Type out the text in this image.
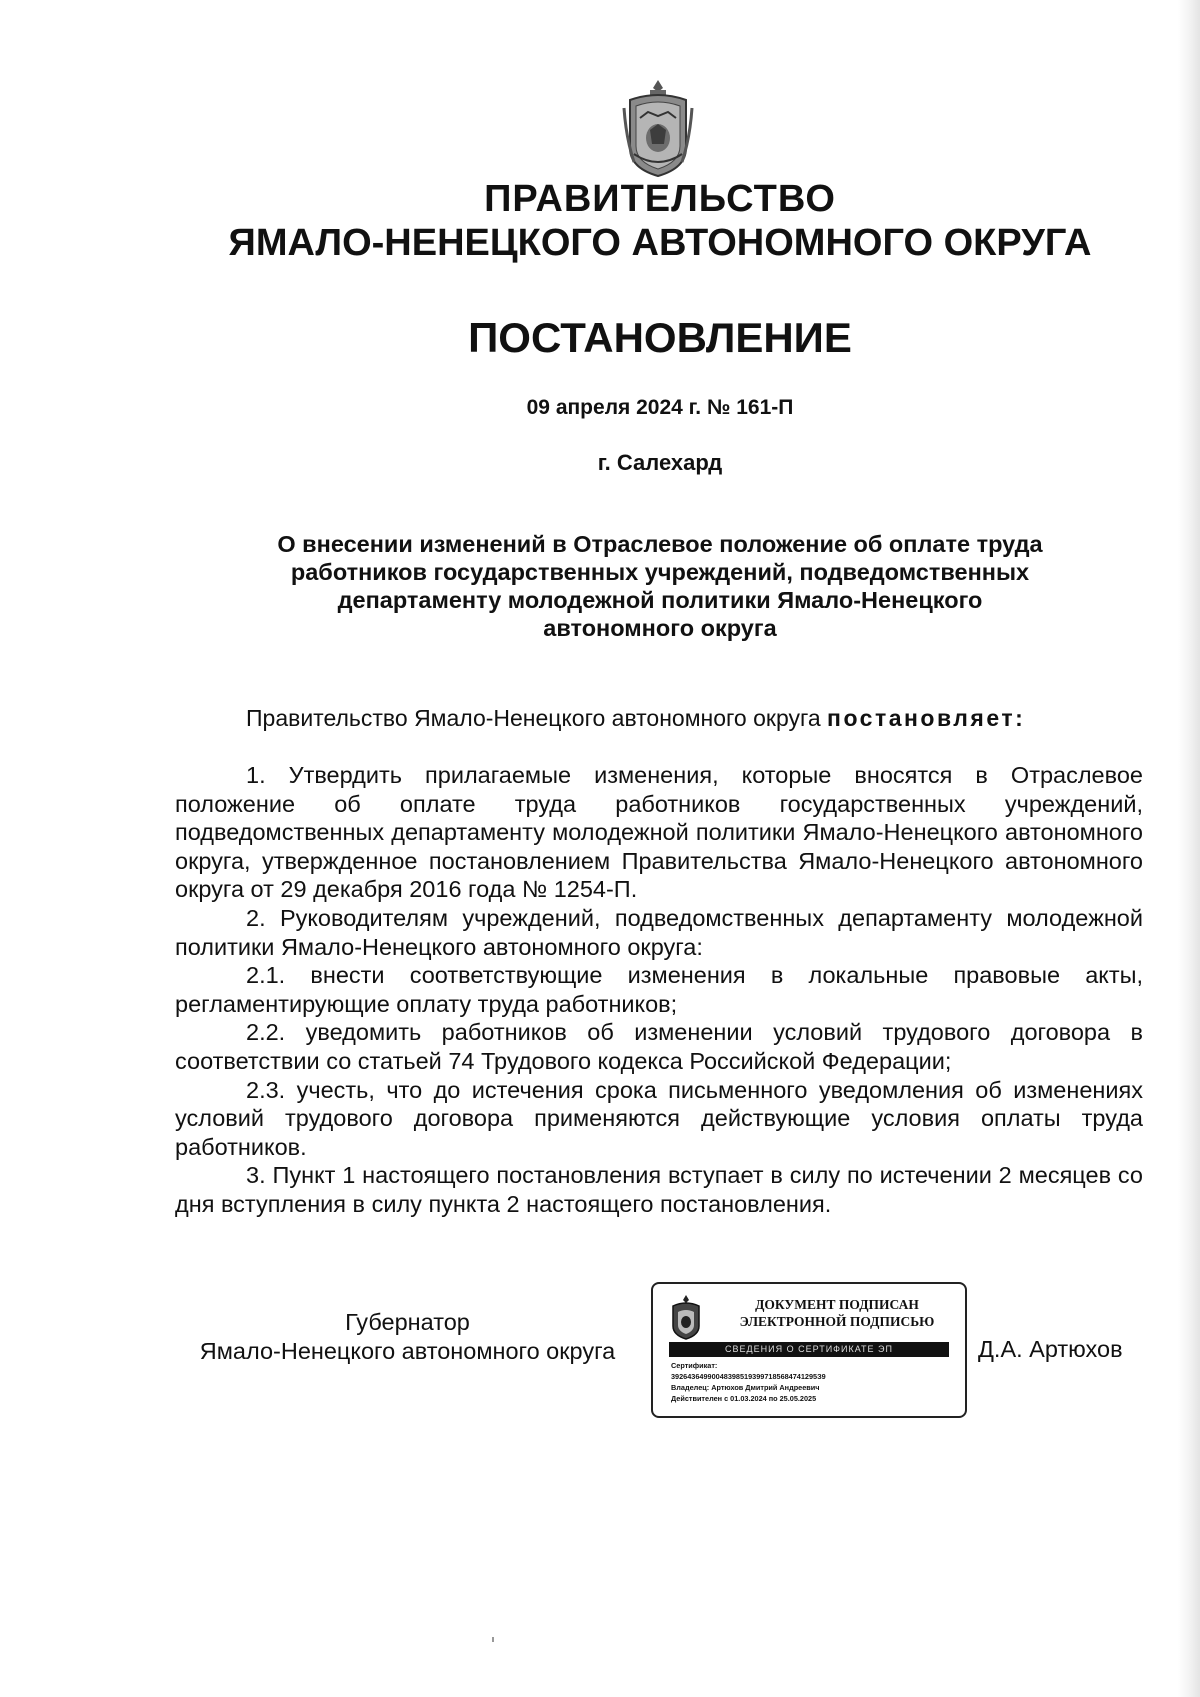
ПРАВИТЕЛЬСТВО
ЯМАЛО-НЕНЕЦКОГО АВТОНОМНОГО ОКРУГА
ПОСТАНОВЛЕНИЕ
09 апреля 2024 г. № 161-П
г. Салехард
О внесении изменений в Отраслевое положение об оплате труда
работников государственных учреждений, подведомственных
департаменту молодежной политики Ямало-Ненецкого
автономного округа
Правительство Ямало-Ненецкого автономного округа постановляет:

1. Утвердить прилагаемые изменения, которые вносятся в Отраслевое положение об оплате труда работников государственных учреждений, подведомственных департаменту молодежной политики Ямало-Ненецкого автономного округа, утвержденное постановлением Правительства Ямало-Ненецкого автономного округа от 29 декабря 2016 года № 1254-П.

2. Руководителям учреждений, подведомственных департаменту молодежной политики Ямало-Ненецкого автономного округа:

2.1. внести соответствующие изменения в локальные правовые акты, регламентирующие оплату труда работников;

2.2. уведомить работников об изменении условий трудового договора в соответствии со статьей 74 Трудового кодекса Российской Федерации;

2.3. учесть, что до истечения срока письменного уведомления об изменениях условий трудового договора применяются действующие условия оплаты труда работников.

3. Пункт 1 настоящего постановления вступает в силу по истечении 2 месяцев со дня вступления в силу пункта 2 настоящего постановления.

Губернатор
Ямало-Ненецкого автономного округа
ДОКУМЕНТ ПОДПИСАН
ЭЛЕКТРОННОЙ ПОДПИСЬЮ
СВЕДЕНИЯ О СЕРТИФИКАТЕ ЭП
Сертификат:
392643649900483985193997185684741295З9
Владелец: Артюхов Дмитрий Андреевич
Действителен с 01.03.2024 по 25.05.2025
Д.А. Артюхов
